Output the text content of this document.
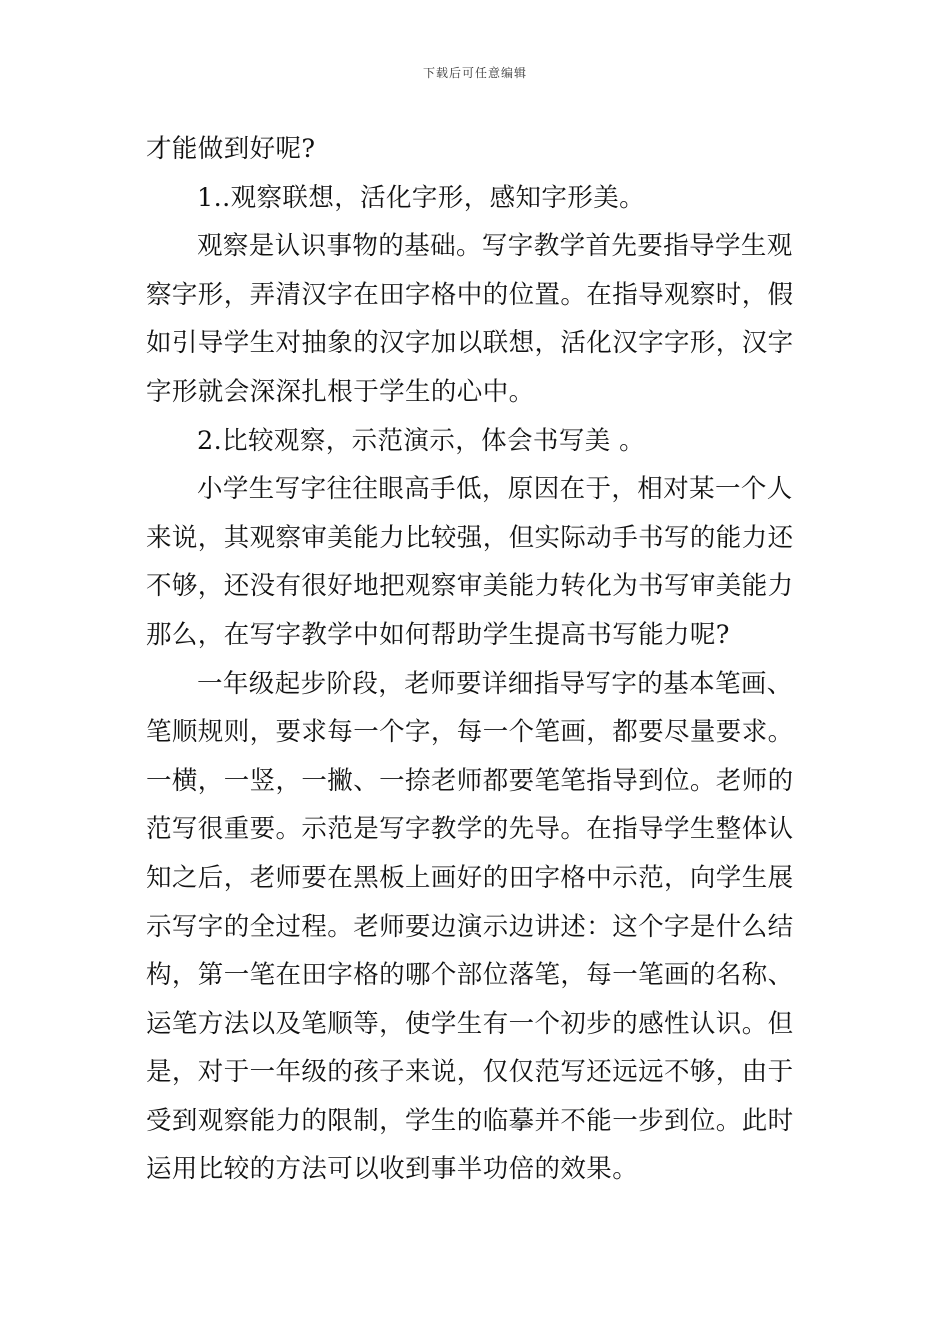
下载后可任意编辑
才能做到好呢?
1..观察联想，活化字形，感知字形美。
观察是认识事物的基础。写字教学首先要指导学生观
察字形，弄清汉字在田字格中的位置。在指导观察时，假
如引导学生对抽象的汉字加以联想，活化汉字字形，汉字
字形就会深深扎根于学生的心中。
2.比较观察，示范演示，体会书写美 。
小学生写字往往眼高手低，原因在于，相对某一个人
来说，其观察审美能力比较强，但实际动手书写的能力还
不够，还没有很好地把观察审美能力转化为书写审美能力
那么，在写字教学中如何帮助学生提高书写能力呢?
一年级起步阶段，老师要详细指导写字的基本笔画、
笔顺规则，要求每一个字，每一个笔画，都要尽量要求。
一横，一竖，一撇、一捺老师都要笔笔指导到位。老师的
范写很重要。示范是写字教学的先导。在指导学生整体认
知之后，老师要在黑板上画好的田字格中示范，向学生展
示写字的全过程。老师要边演示边讲述：这个字是什么结
构，第一笔在田字格的哪个部位落笔，每一笔画的名称、
运笔方法以及笔顺等，使学生有一个初步的感性认识。但
是，对于一年级的孩子来说，仅仅范写还远远不够，由于
受到观察能力的限制，学生的临摹并不能一步到位。此时
运用比较的方法可以收到事半功倍的效果。
